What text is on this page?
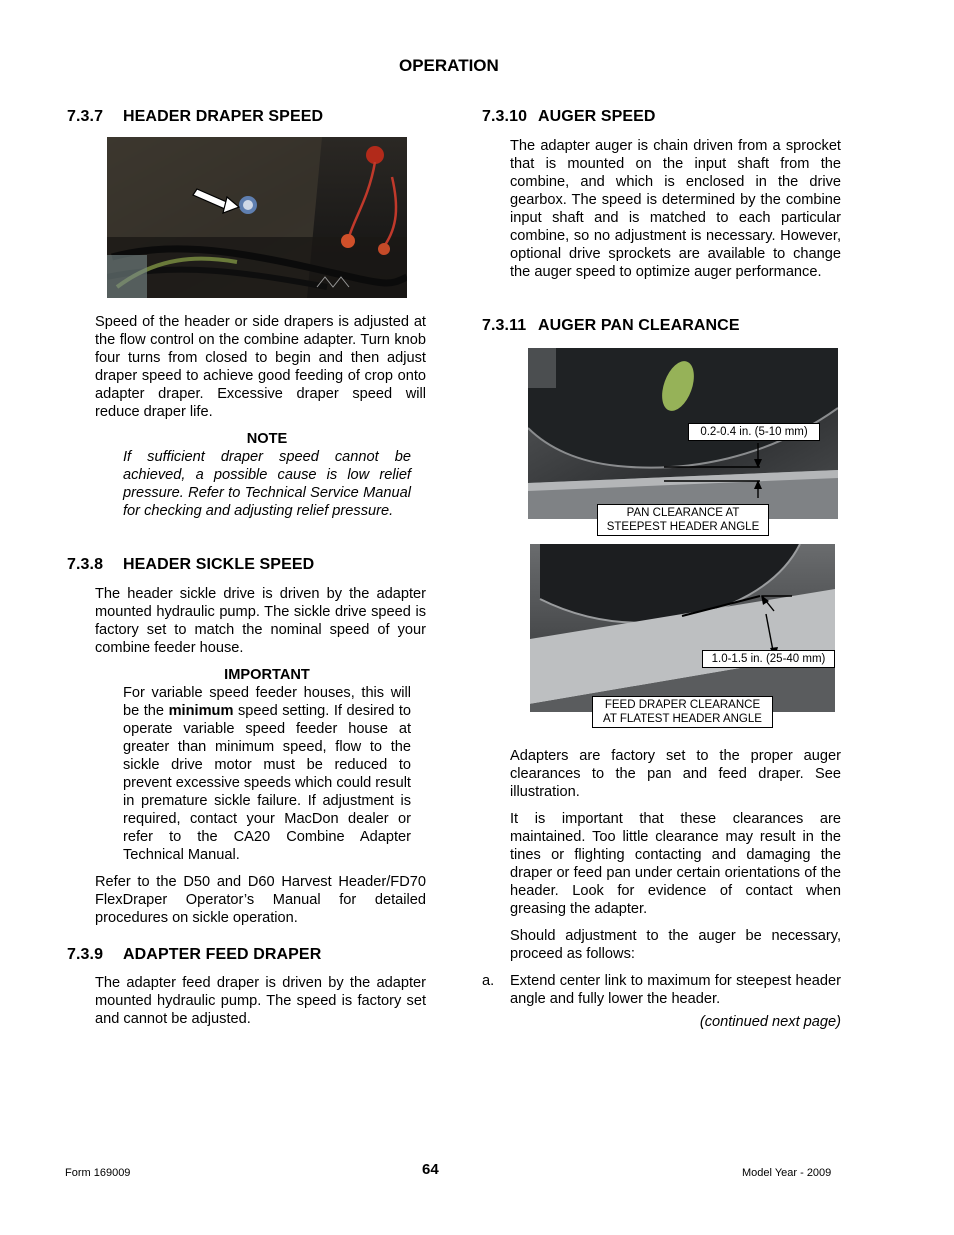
OPERATION
7.3.7 HEADER DRAPER SPEED
Speed of the header or side drapers is adjusted at the flow control on the combine adapter. Turn knob four turns from closed to begin and then adjust draper speed to achieve good feeding of crop onto adapter draper. Excessive draper speed will reduce draper life.
NOTE
If sufficient draper speed cannot be achieved, a possible cause is low relief pressure. Refer to Technical Service Manual for checking and adjusting relief pressure.
7.3.8 HEADER SICKLE SPEED
The header sickle drive is driven by the adapter mounted hydraulic pump. The sickle drive speed is factory set to match the nominal speed of your combine feeder house.
IMPORTANT
For variable speed feeder houses, this will be the minimum speed setting. If desired to operate variable speed feeder house at greater than minimum speed, flow to the sickle drive motor must be reduced to prevent excessive speeds which could result in premature sickle failure. If adjustment is required, contact your MacDon dealer or refer to the CA20 Combine Adapter Technical Manual.
Refer to the D50 and D60 Harvest Header/FD70 FlexDraper Operator’s Manual for detailed procedures on sickle operation.
7.3.9 ADAPTER FEED DRAPER
The adapter feed draper is driven by the adapter mounted hydraulic pump. The speed is factory set and cannot be adjusted.
7.3.10 AUGER SPEED
The adapter auger is chain driven from a sprocket that is mounted on the input shaft from the combine, and which is enclosed in the drive gearbox. The speed is determined by the combine input shaft and is matched to each particular combine, so no adjustment is necessary. However, optional drive sprockets are available to change the auger speed to optimize auger performance.
7.3.11 AUGER PAN CLEARANCE
0.2-0.4 in. (5-10 mm)
PAN CLEARANCE AT
STEEPEST HEADER ANGLE
1.0-1.5 in. (25-40 mm)
FEED DRAPER CLEARANCE
AT FLATEST HEADER ANGLE
Adapters are factory set to the proper auger clearances to the pan and feed draper. See illustration.
It is important that these clearances are maintained. Too little clearance may result in the tines or flighting contacting and damaging the draper or feed pan under certain orientations of the header. Look for evidence of contact when greasing the adapter.
Should adjustment to the auger be necessary, proceed as follows:
a. Extend center link to maximum for steepest header angle and fully lower the header.
(continued next page)
Form 169009	64	Model Year - 2009
